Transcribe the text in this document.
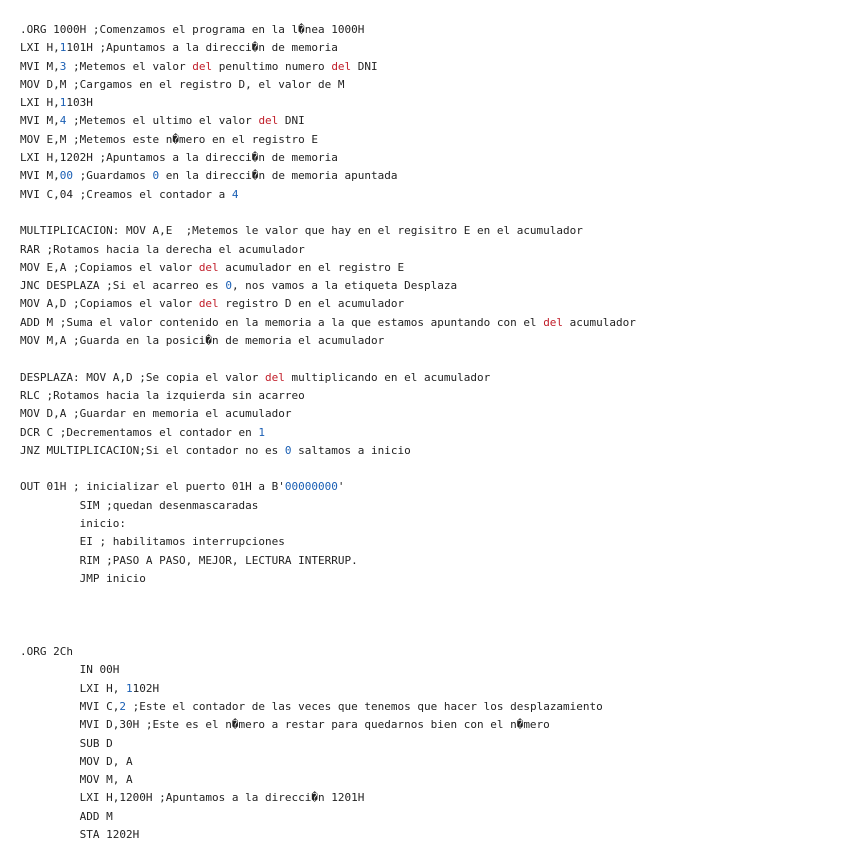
.ORG 1000H ;Comenzamos el programa en la l�nea 1000H
LXI H,1101H ;Apuntamos a la direcci�n de memoria
MVI M,3 ;Metemos el valor del penultimo numero del DNI
MOV D,M ;Cargamos en el registro D, el valor de M
LXI H,1103H
MVI M,4 ;Metemos el ultimo el valor del DNI
MOV E,M ;Metemos este n�mero en el registro E
LXI H,1202H ;Apuntamos a la direcci�n de memoria
MVI M,00 ;Guardamos 0 en la direcci�n de memoria apuntada
MVI C,04 ;Creamos el contador a 4
MULTIPLICACION: MOV A,E  ;Metemos le valor que hay en el regisitro E en el acumulador
RAR ;Rotamos hacia la derecha el acumulador
MOV E,A ;Copiamos el valor del acumulador en el registro E
JNC DESPLAZA ;Si el acarreo es 0, nos vamos a la etiqueta Desplaza
MOV A,D ;Copiamos el valor del registro D en el acumulador
ADD M ;Suma el valor contenido en la memoria a la que estamos apuntando con el del acumulador
MOV M,A ;Guarda en la posici�n de memoria el acumulador
DESPLAZA: MOV A,D ;Se copia el valor del multiplicando en el acumulador
RLC ;Rotamos hacia la izquierda sin acarreo
MOV D,A ;Guardar en memoria el acumulador
DCR C ;Decrementamos el contador en 1
JNZ MULTIPLICACION;Si el contador no es 0 saltamos a inicio
OUT 01H ; inicializar el puerto 01H a B'00000000'
SIM ;quedan desenmascaradas
inicio:
EI ; habilitamos interrupciones
RIM ;PASO A PASO, MEJOR, LECTURA INTERRUP.
JMP inicio
.ORG 2Ch
IN 00H
LXI H, 1102H
MVI C,2 ;Este el contador de las veces que tenemos que hacer los desplazamiento
MVI D,30H ;Este es el n�mero a restar para quedarnos bien con el n�mero
SUB D
MOV D, A
MOV M, A
LXI H,1200H ;Apuntamos a la direcci�n 1201H
ADD M
STA 1202H
